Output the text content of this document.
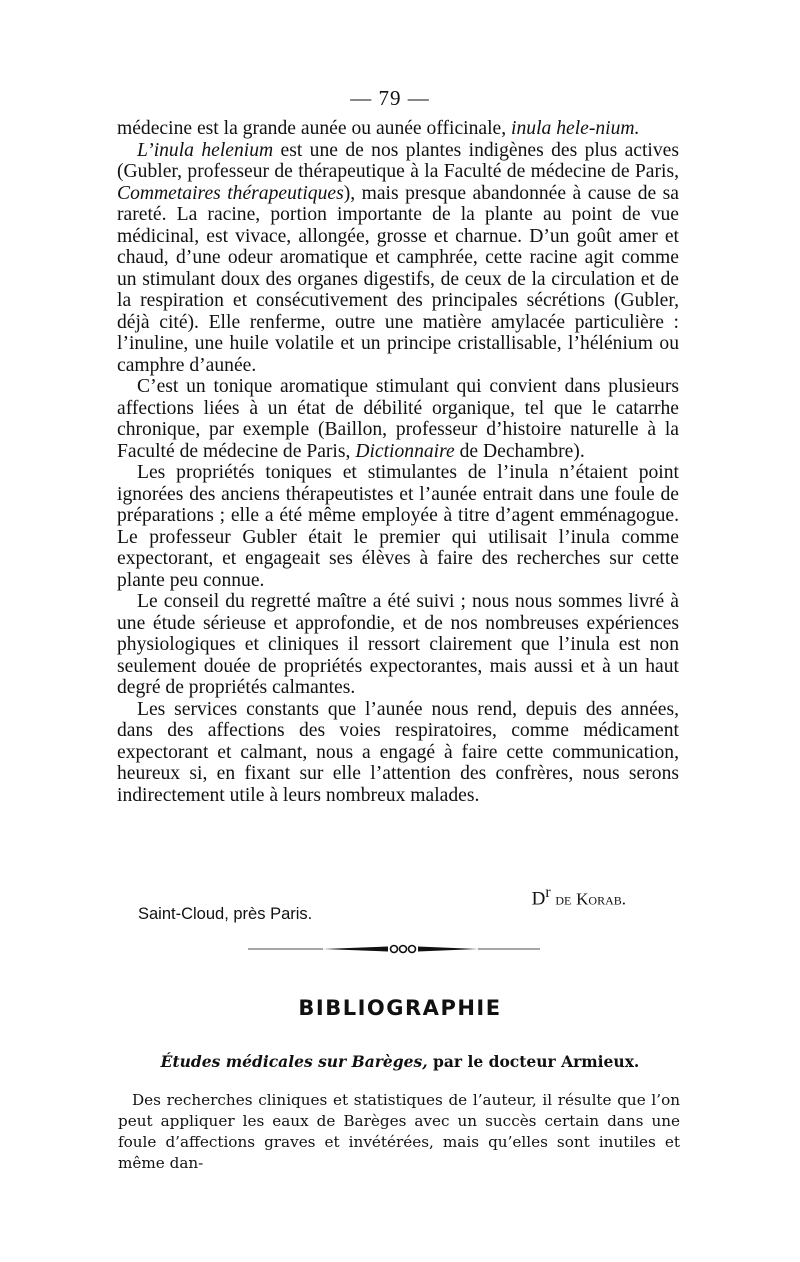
— 79 —

médecine est la grande aunée ou aunée officinale, inula hele-nium.

L’inula helenium est une de nos plantes indigènes des plus actives (Gubler, professeur de thérapeutique à la Faculté de médecine de Paris, Commetaires thérapeutiques), mais presque abandonnée à cause de sa rareté. La racine, portion importante de la plante au point de vue médicinal, est vivace, allongée, grosse et charnue. D’un goût amer et chaud, d’une odeur aromatique et camphrée, cette racine agit comme un stimulant doux des organes digestifs, de ceux de la circulation et de la respiration et consécutivement des principales sécrétions (Gubler, déjà cité). Elle renferme, outre une matière amylacée particulière : l’inuline, une huile volatile et un principe cristallisable, l’hélénium ou camphre d’aunée.

C’est un tonique aromatique stimulant qui convient dans plusieurs affections liées à un état de débilité organique, tel que le catarrhe chronique, par exemple (Baillon, professeur d’histoire naturelle à la Faculté de médecine de Paris, Dictionnaire de Dechambre).

Les propriétés toniques et stimulantes de l’inula n’étaient point ignorées des anciens thérapeutistes et l’aunée entrait dans une foule de préparations ; elle a été même employée à titre d’agent emménagogue. Le professeur Gubler était le premier qui utilisait l’inula comme expectorant, et engageait ses élèves à faire des recherches sur cette plante peu connue.

Le conseil du regretté maître a été suivi ; nous nous sommes livré à une étude sérieuse et approfondie, et de nos nombreuses expériences physiologiques et cliniques il ressort clairement que l’inula est non seulement douée de propriétés expectorantes, mais aussi et à un haut degré de propriétés calmantes.

Les services constants que l’aunée nous rend, depuis des années, dans des affections des voies respiratoires, comme médicament expectorant et calmant, nous a engagé à faire cette communication, heureux si, en fixant sur elle l’attention des confrères, nous serons indirectement utile à leurs nombreux malades.

$D^r$ de Korab.
Saint-Cloud, près Paris.
BIBLIOGRAPHIE
Études médicales sur Barèges, par le docteur Armieux.
Des recherches cliniques et statistiques de l’auteur, il résulte que l’on peut appliquer les eaux de Barèges avec un succès certain dans une foule d’affections graves et invétérées, mais qu’elles sont inutiles et même dan-
